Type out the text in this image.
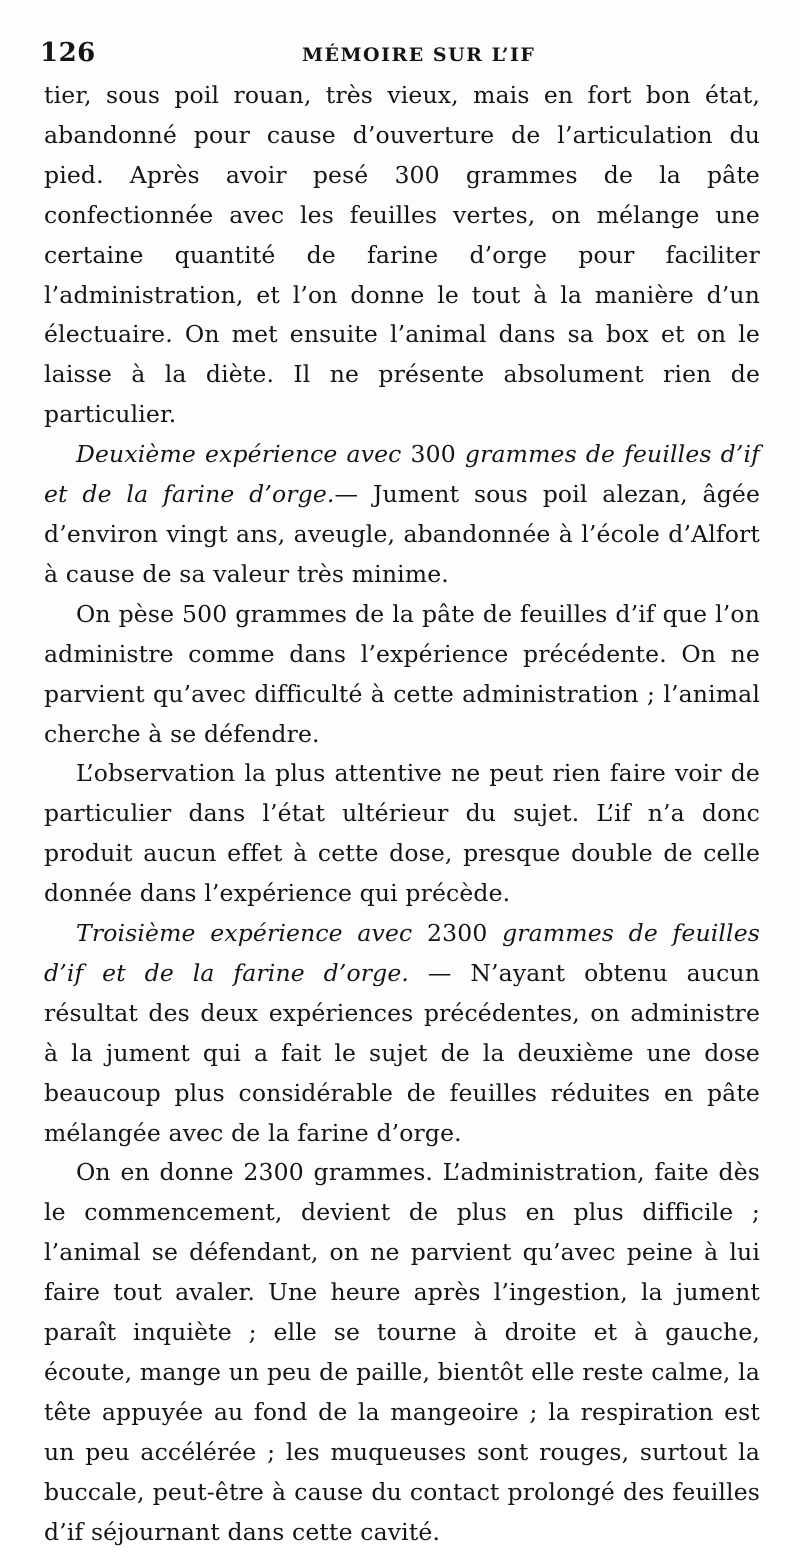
126	MÉMOIRE SUR L’IF

tier, sous poil rouan, très vieux, mais en fort bon état, abandonné pour cause d’ouverture de l’articulation du pied. Après avoir pesé 300 grammes de la pâte confectionnée avec les feuilles vertes, on mélange une certaine quantité de farine d’orge pour faciliter l’administration, et l’on donne le tout à la manière d’un électuaire. On met ensuite l’animal dans sa box et on le laisse à la diète. Il ne présente absolument rien de particulier.

Deuxième expérience avec 300 grammes de feuilles d’if et de la farine d’orge.— Jument sous poil alezan, âgée d’environ vingt ans, aveugle, abandonnée à l’école d’Alfort à cause de sa valeur très minime.

On pèse 500 grammes de la pâte de feuilles d’if que l’on administre comme dans l’expérience précédente. On ne parvient qu’avec difficulté à cette administration ; l’animal cherche à se défendre.

L’observation la plus attentive ne peut rien faire voir de particulier dans l’état ultérieur du sujet. L’if n’a donc produit aucun effet à cette dose, presque double de celle donnée dans l’expérience qui précède.

Troisième expérience avec 2300 grammes de feuilles d’if et de la farine d’orge. — N’ayant obtenu aucun résultat des deux expériences précédentes, on administre à la jument qui a fait le sujet de la deuxième une dose beaucoup plus considérable de feuilles réduites en pâte mélangée avec de la farine d’orge.

On en donne 2300 grammes. L’administration, faite dès le commencement, devient de plus en plus difficile ; l’animal se défendant, on ne parvient qu’avec peine à lui faire tout avaler. Une heure après l’ingestion, la jument paraît inquiète ; elle se tourne à droite et à gauche, écoute, mange un peu de paille, bientôt elle reste calme, la tête appuyée au fond de la mangeoire ; la respiration est un peu accélérée ; les muqueuses sont rouges, surtout la buccale, peut-être à cause du contact prolongé des feuilles d’if séjournant dans cette cavité.
